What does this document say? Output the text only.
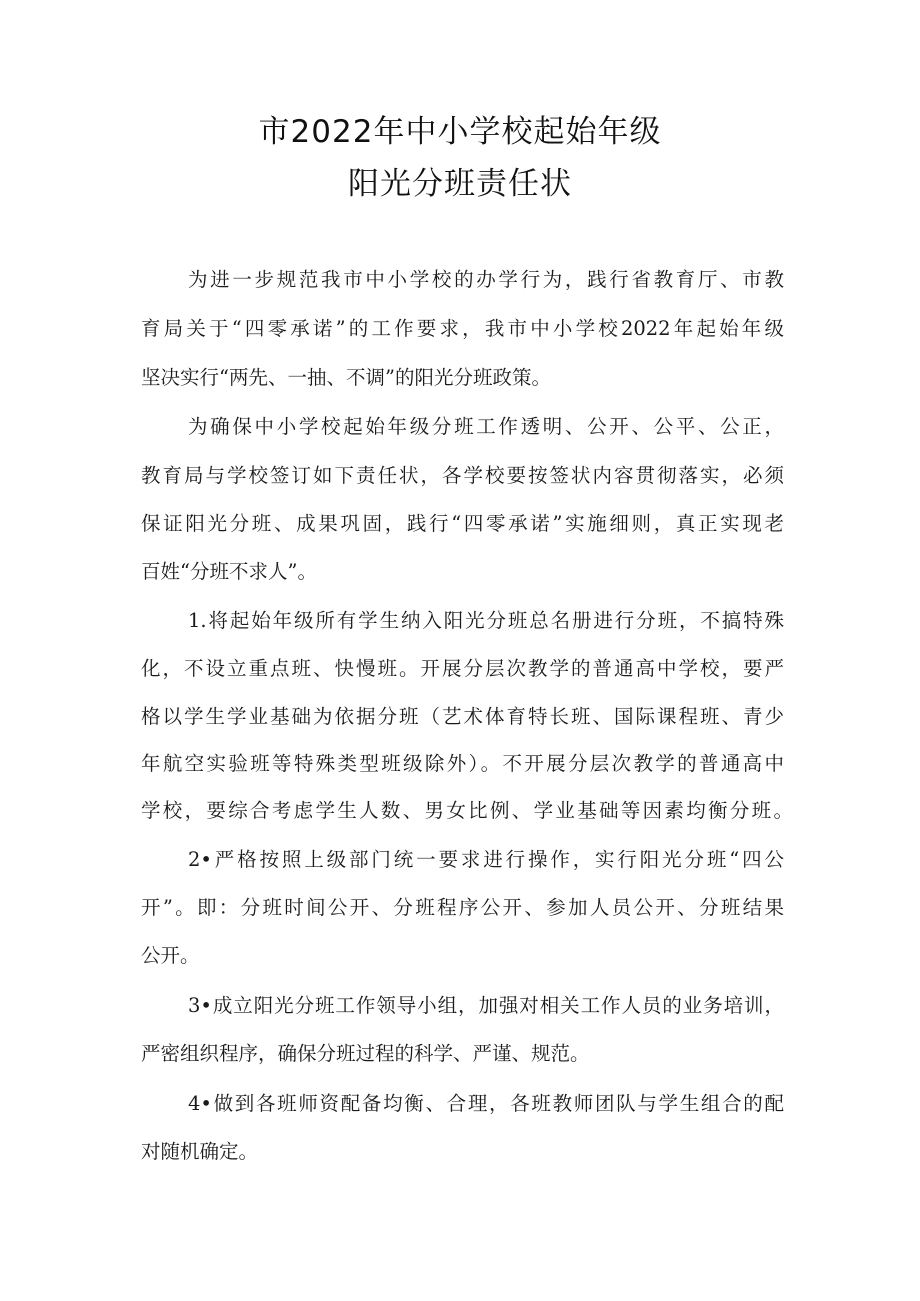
市2022年中小学校起始年级
阳光分班责任状
为进一步规范我市中小学校的办学行为，践行省教育厅、市教
育局关于“四零承诺”的工作要求，我市中小学校2022年起始年级
坚决实行“两先、一抽、不调”的阳光分班政策。
为确保中小学校起始年级分班工作透明、公开、公平、公正，
教育局与学校签订如下责任状，各学校要按签状内容贯彻落实，必须
保证阳光分班、成果巩固，践行“四零承诺”实施细则，真正实现老
百姓“分班不求人”。
1.将起始年级所有学生纳入阳光分班总名册进行分班，不搞特殊
化，不设立重点班、快慢班。开展分层次教学的普通高中学校，要严
格以学生学业基础为依据分班（艺术体育特长班、国际课程班、青少
年航空实验班等特殊类型班级除外）。不开展分层次教学的普通高中
学校，要综合考虑学生人数、男女比例、学业基础等因素均衡分班。
2•严格按照上级部门统一要求进行操作，实行阳光分班“四公
开”。即：分班时间公开、分班程序公开、参加人员公开、分班结果
公开。
3•成立阳光分班工作领导小组，加强对相关工作人员的业务培训，
严密组织程序，确保分班过程的科学、严谨、规范。
4•做到各班师资配备均衡、合理，各班教师团队与学生组合的配
对随机确定。
